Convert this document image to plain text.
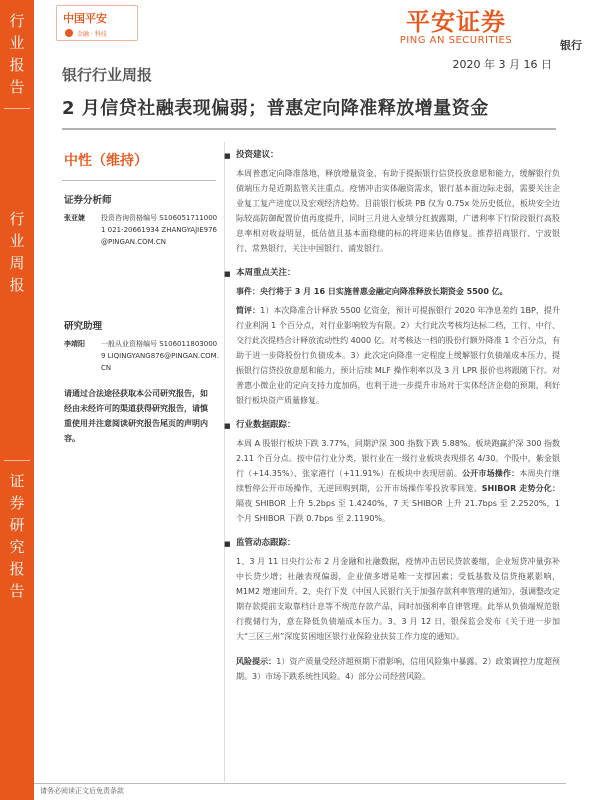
行
业
报
告
行
业
周
报
证
券
研
究
报
告
中国平安
金融 · 科技	平安证券
PING AN SECURITIES	银行
银行行业周报
2020 年 3 月 16 日
2 月信贷社融表现偏弱；普惠定向降准释放增量资金
中性（维持）
证券分析师
张亚婕 投资咨询资格编号 S1060517110001 021-20661934 ZHANGYAJIE976@PINGAN.COM.CN
研究助理
李靖阳 一般从业资格编号 S1060118030009 LIQINGYANG876@PINGAN.COM.CN
请通过合法途径获取本公司研究报告，如经由未经许可的渠道获得研究报告，请慎重使用并注意阅读研究报告尾页的声明内容。
■ 投资建议：
本周普惠定向降准落地，释放增量资金，有助于提振银行信贷投放意愿和能力，缓解银行负债端压力是近期监管关注重点。疫情冲击实体融资需求，银行基本面边际走弱，需要关注企业复工复产进度以及宏观经济趋势。目前银行板块 PB 仅为 0.75x 处历史低位，板块安全边际较高防御配置价值再度提升，同时三月进入业绩分红披露期，广谱利率下行阶段银行高股息率相对收益明显，低估值且基本面稳健的标的将迎来估值修复。推荐招商银行、宁波银行、常熟银行，关注中国银行、浦发银行。
■ 本周重点关注：
事件：央行将于 3 月 16 日实施普惠金融定向降准释放长期资金 5500 亿。
简评：1）本次降准合计释放 5500 亿资金，预计可提振银行 2020 年净息差约 1BP，提升行业利润 1 个百分点，对行业影响较为有限。2）大行此次考核均达标二档，工行、中行、交行此次提档合计释放流动性约 4000 亿。对考核达一档的股份行额外降准 1 个百分点，有助于进一步降股份行负债成本。3）此次定向降准一定程度上缓解银行负债端成本压力，提振银行信贷投放意愿和能力，预计后续 MLF 操作利率以及 3 月 LPR 报价也将跟随下行。对普惠小微企业的定向支持力度加码，也利于进一步提升市场对于实体经济企稳的预期，利好银行板块资产质量修复。
■ 行业数据跟踪：
本周 A 股银行板块下跌 3.77%，同期沪深 300 指数下跌 5.88%。板块跑赢沪深 300 指数 2.11 个百分点。按中信行业分类，银行业在一级行业板块表现排名 4/30。个股中，紫金银行（+14.35%）、张家港行（+11.91%）在板块中表现居前。公开市场操作：本周央行继续暂停公开市场操作，无逆回购到期，公开市场操作零投放零回笼。SHIBOR 走势分化：隔夜 SHIBOR 上升 5.2bps 至 1.4240%，7 天 SHIBOR 上升 21.7bps 至 2.2520%，1 个月 SHIBOR 下跌 0.7bps 至 2.1190%。
■ 监管动态跟踪：
1、3 月 11 日央行公布 2 月金融和社融数据，疫情冲击居民贷款萎缩，企业短贷冲量弥补中长贷少增；社融表现偏弱，企业债多增是唯一支撑因素；受低基数及信贷拖累影响，M1M2 增速回升。2、央行下发《中国人民银行关于加强存款利率管理的通知》，强调整改定期存款提前支取靠档计息等不规范存款产品，同时加强利率自律管理。此举从负债端规范银行揽储行为，意在降低负债端成本压力。3、3 月 12 日，银保监会发布《关于进一步加大“三区三州”深度贫困地区银行业保险业扶贫工作力度的通知》。
风险提示：1）资产质量受经济超预期下滑影响，信用风险集中暴露。2）政策调控力度超预期。3）市场下跌系统性风险。4）部分公司经营风险。
请务必阅读正文后免责条款
